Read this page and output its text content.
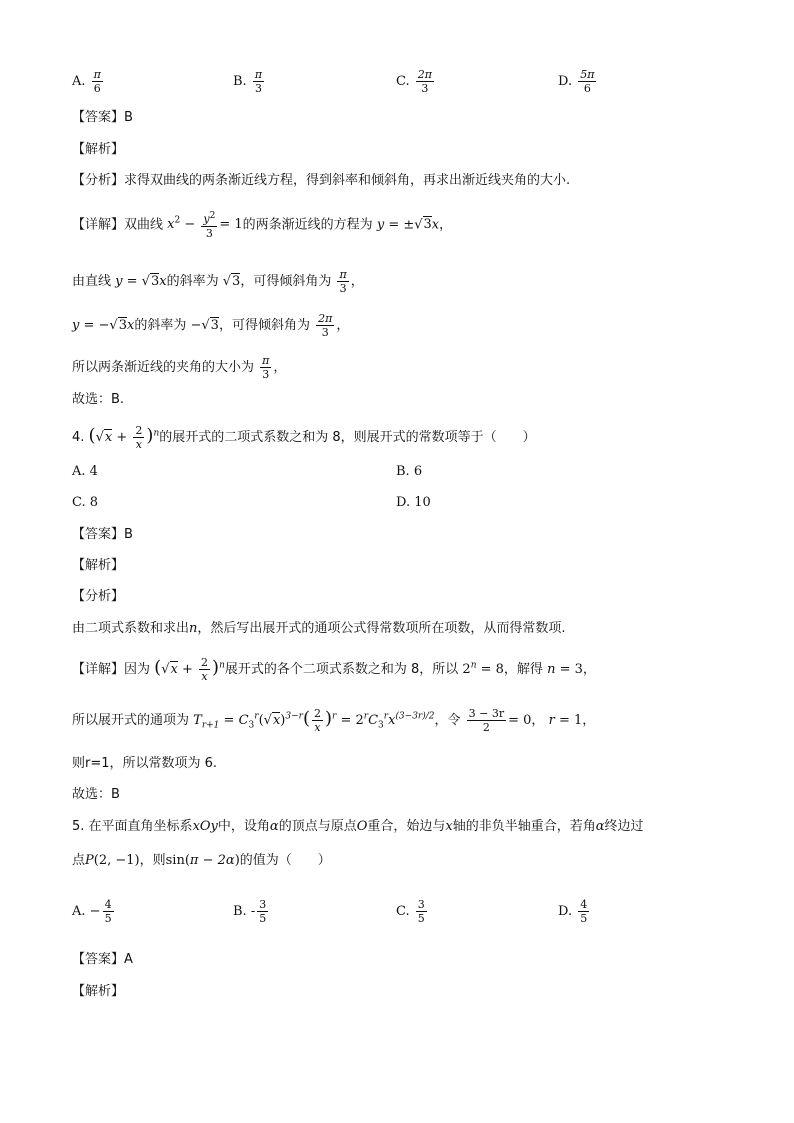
A. $\frac{\pi}{6}$	B. $\frac{\pi}{3}$	C. $\frac{2\pi}{3}$	D. $\frac{5\pi}{6}$
【答案】B
【解析】
【分析】求得双曲线的两条渐近线方程，得到斜率和倾斜角，再求出渐近线夹角的大小.
【详解】双曲线 $x^2 - \frac{y^2}{3} = 1$的两条渐近线的方程为 y = ±√3x，
由直线 y = √3x的斜率为 √3，可得倾斜角为 $\frac{\pi}{3}$ ，
y = −√3x的斜率为 −√3，可得倾斜角为 $\frac{2\pi}{3}$ ，
所以两条渐近线的夹角的大小为 $\frac{\pi}{3}$ ，
故选：B.
4. $(√x + \frac{2}{x} )^n$的展开式的二项式系数之和为 8，则展开式的常数项等于（　　）
A. 4	B. 6
C. 8	D. 10
【答案】B
【解析】
【分析】
由二项式系数和求出n，然后写出展开式的通项公式得常数项所在项数，从而得常数项.
【详解】因为 $(√x + \frac{2}{x} )^n$展开式的各个二项式系数之和为 8，所以 $2^n = 8$，解得 n = 3，
所以展开式的通项为 $T_{r+1} = C_3^r(√x)^{3-r}( \frac{2}{x} )^r = 2^rC_3^rx^{(3-3r)/2}$，令 $\frac{3 - 3r}{2} = 0$， r = 1，
则r=1，所以常数项为 6.
故选：B
5. 在平面直角坐标系xOy中，设角α的顶点与原点O重合，始边与x轴的非负半轴重合，若角α终边过
点P(2, −1)，则sin(π − 2α)的值为（　　）
A. − $\frac{4}{5}$	B. - $\frac{3}{5}$	C. $\frac{3}{5}$	D. $\frac{4}{5}$
【答案】A
【解析】
